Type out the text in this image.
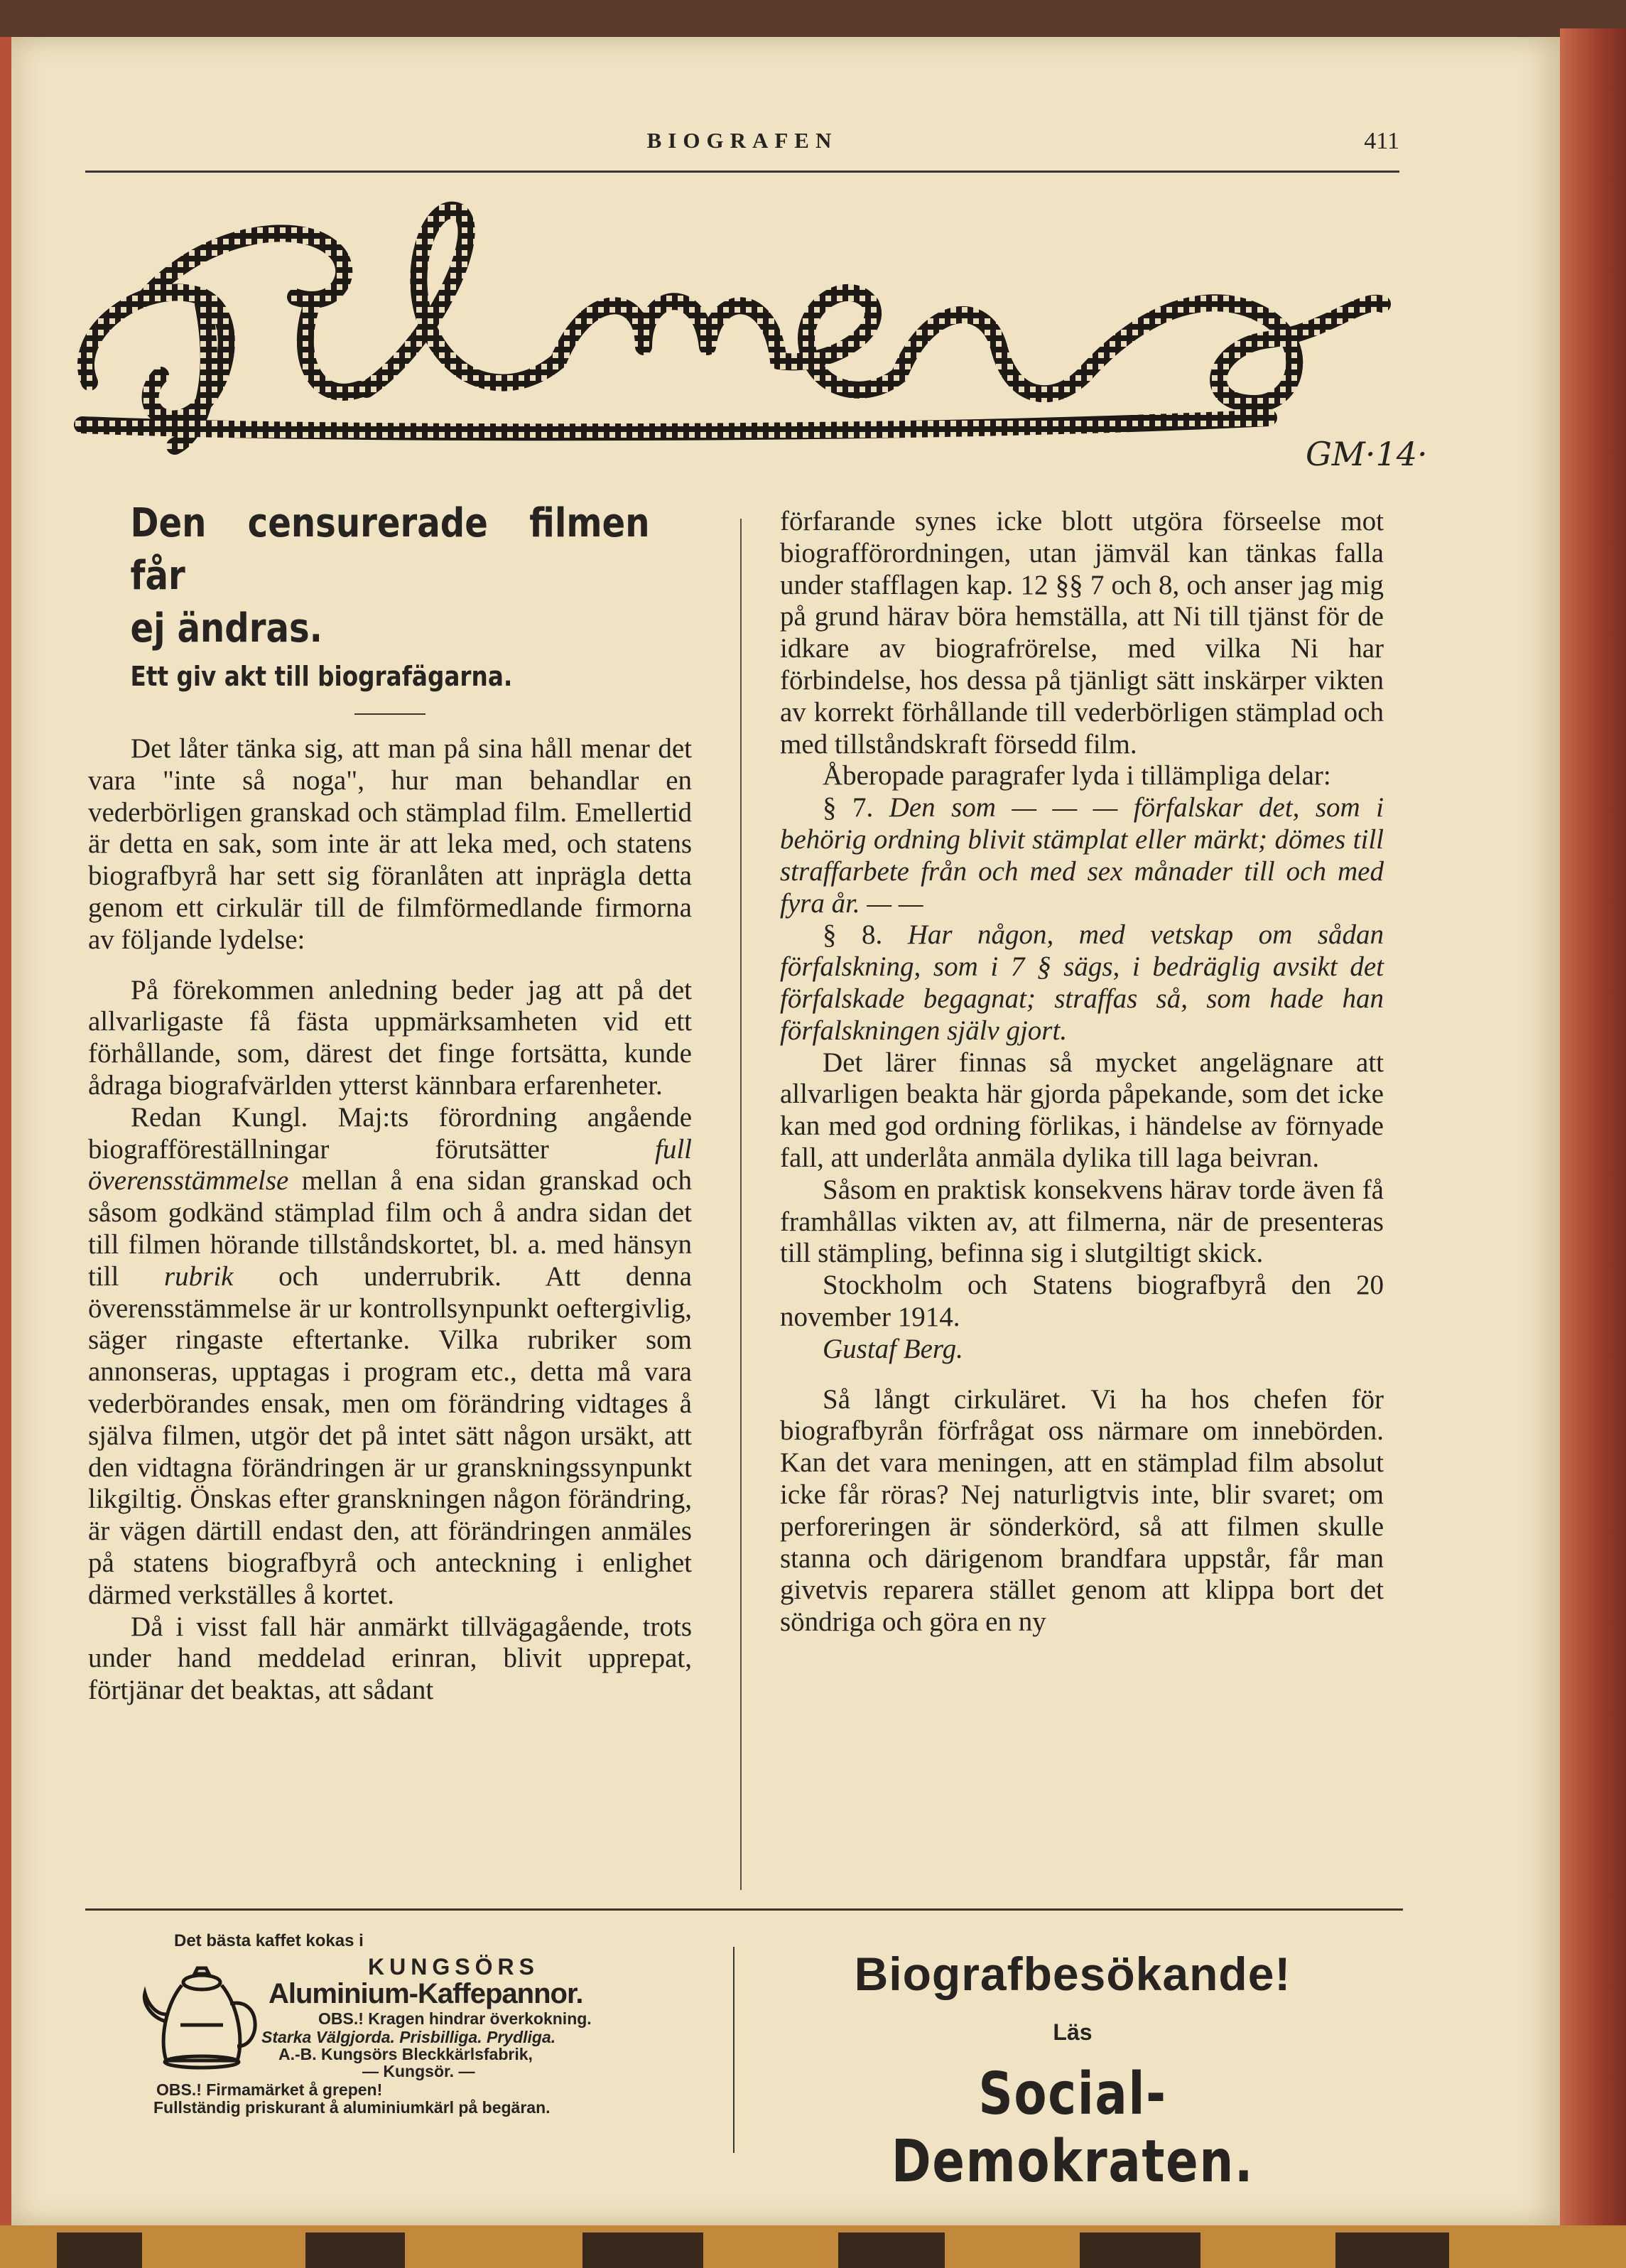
BIOGRAFEN	411
GM·14·

Den censurerade filmen får

ej ändras.

Ett giv akt till biografägarna.

Det låter tänka sig, att man på sina håll menar det vara "inte så noga", hur man behandlar en vederbörligen granskad och stämplad film. Emellertid är detta en sak, som inte är att leka med, och statens biografbyrå har sett sig föranlåten att inprägla detta genom ett cirkulär till de filmförmedlande firmorna av följande lydelse:

På förekommen anledning beder jag att på det allvarligaste få fästa uppmärksamheten vid ett förhållande, som, därest det finge fortsätta, kunde ådraga biografvärlden ytterst kännbara erfarenheter.

Redan Kungl. Maj:ts förordning angående biografföreställningar förutsätter full överensstämmelse mellan å ena sidan granskad och såsom godkänd stämplad film och å andra sidan det till filmen hörande tillståndskortet, bl. a. med hänsyn till rubrik och underrubrik. Att denna överensstämmelse är ur kontrollsynpunkt oeftergivlig, säger ringaste eftertanke. Vilka rubriker som annonseras, upptagas i program etc., detta må vara vederbörandes ensak, men om förändring vidtages å själva filmen, utgör det på intet sätt någon ursäkt, att den vidtagna förändringen är ur granskningssynpunkt likgiltig. Önskas efter granskningen någon förändring, är vägen därtill endast den, att förändringen anmäles på statens biografbyrå och anteckning i enlighet därmed verkställes å kortet.

Då i visst fall här anmärkt tillvägagående, trots under hand meddelad erinran, blivit upprepat, förtjänar det beaktas, att sådant

förfarande synes icke blott utgöra förseelse mot biografförordningen, utan jämväl kan tänkas falla under stafflagen kap. 12 §§ 7 och 8, och anser jag mig på grund härav böra hemställa, att Ni till tjänst för de idkare av biografrörelse, med vilka Ni har förbindelse, hos dessa på tjänligt sätt inskärper vikten av korrekt förhållande till vederbörligen stämplad och med tillståndskraft försedd film.

Åberopade paragrafer lyda i tillämpliga delar:

§ 7. Den som — — — förfalskar det, som i behörig ordning blivit stämplat eller märkt; dömes till straffarbete från och med sex månader till och med fyra år. — —

§ 8. Har någon, med vetskap om sådan förfalskning, som i 7 § sägs, i bedräglig avsikt det förfalskade begagnat; straffas så, som hade han förfalskningen själv gjort.

Det lärer finnas så mycket angelägnare att allvarligen beakta här gjorda påpekande, som det icke kan med god ordning förlikas, i händelse av förnyade fall, att underlåta anmäla dylika till laga beivran.

Såsom en praktisk konsekvens härav torde även få framhållas vikten av, att filmerna, när de presenteras till stämpling, befinna sig i slutgiltigt skick.

Stockholm och Statens biografbyrå den 20 november 1914.

Gustaf Berg.

Så långt cirkuläret. Vi ha hos chefen för biografbyrån förfrågat oss närmare om innebörden. Kan det vara meningen, att en stämplad film absolut icke får röras? Nej naturligtvis inte, blir svaret; om perforeringen är sönderkörd, så att filmen skulle stanna och därigenom brandfara uppstår, får man givetvis reparera stället genom att klippa bort det söndriga och göra en ny

Det bästa kaffet kokas i
KUNGSÖRS
Aluminium-Kaffepannor.
OBS.! Kragen hindrar överkokning.
Starka Välgjorda. Prisbilliga. Prydliga.
A.-B. Kungsörs Bleckkärlsfabrik,
— Kungsör. —
OBS.! Firmamärket å grepen!
Fullständig priskurant å aluminiumkärl på begäran.
Biografbesökande!
Läs
Social-Demokraten.
